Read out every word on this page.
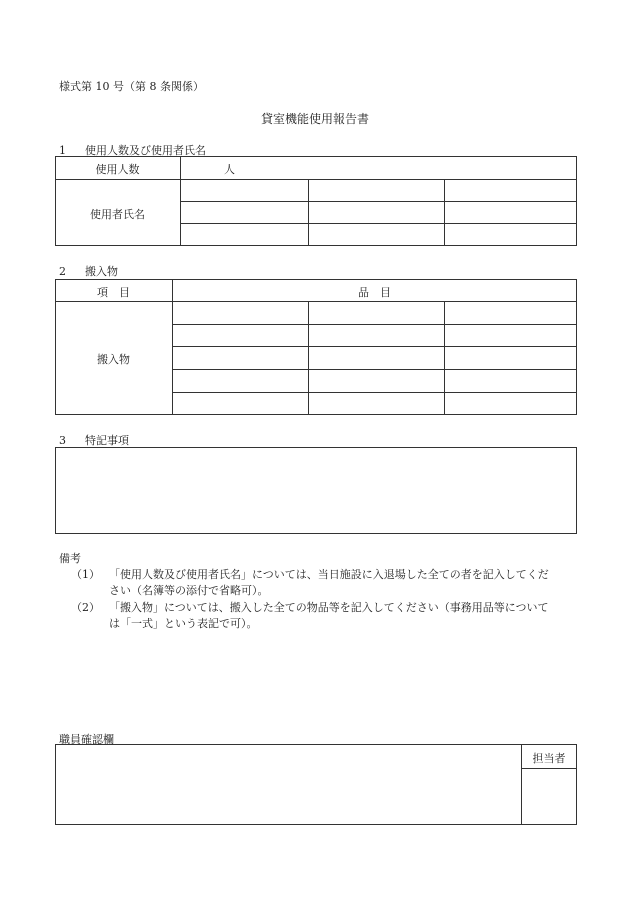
様式第 10 号（第 8 条関係）
貸室機能使用報告書
1 使用人数及び使用者氏名
使用人数	人
使用者氏名
2 搬入物
項　目	品　目
搬入物
3 特記事項
備考
（1） 「使用人数及び使用者氏名」については、当日施設に入退場した全ての者を記入してくだ
さい（名簿等の添付で省略可）。
（2） 「搬入物」については、搬入した全ての物品等を記入してください（事務用品等について
は「一式」という表記で可）。
職員確認欄
担当者
